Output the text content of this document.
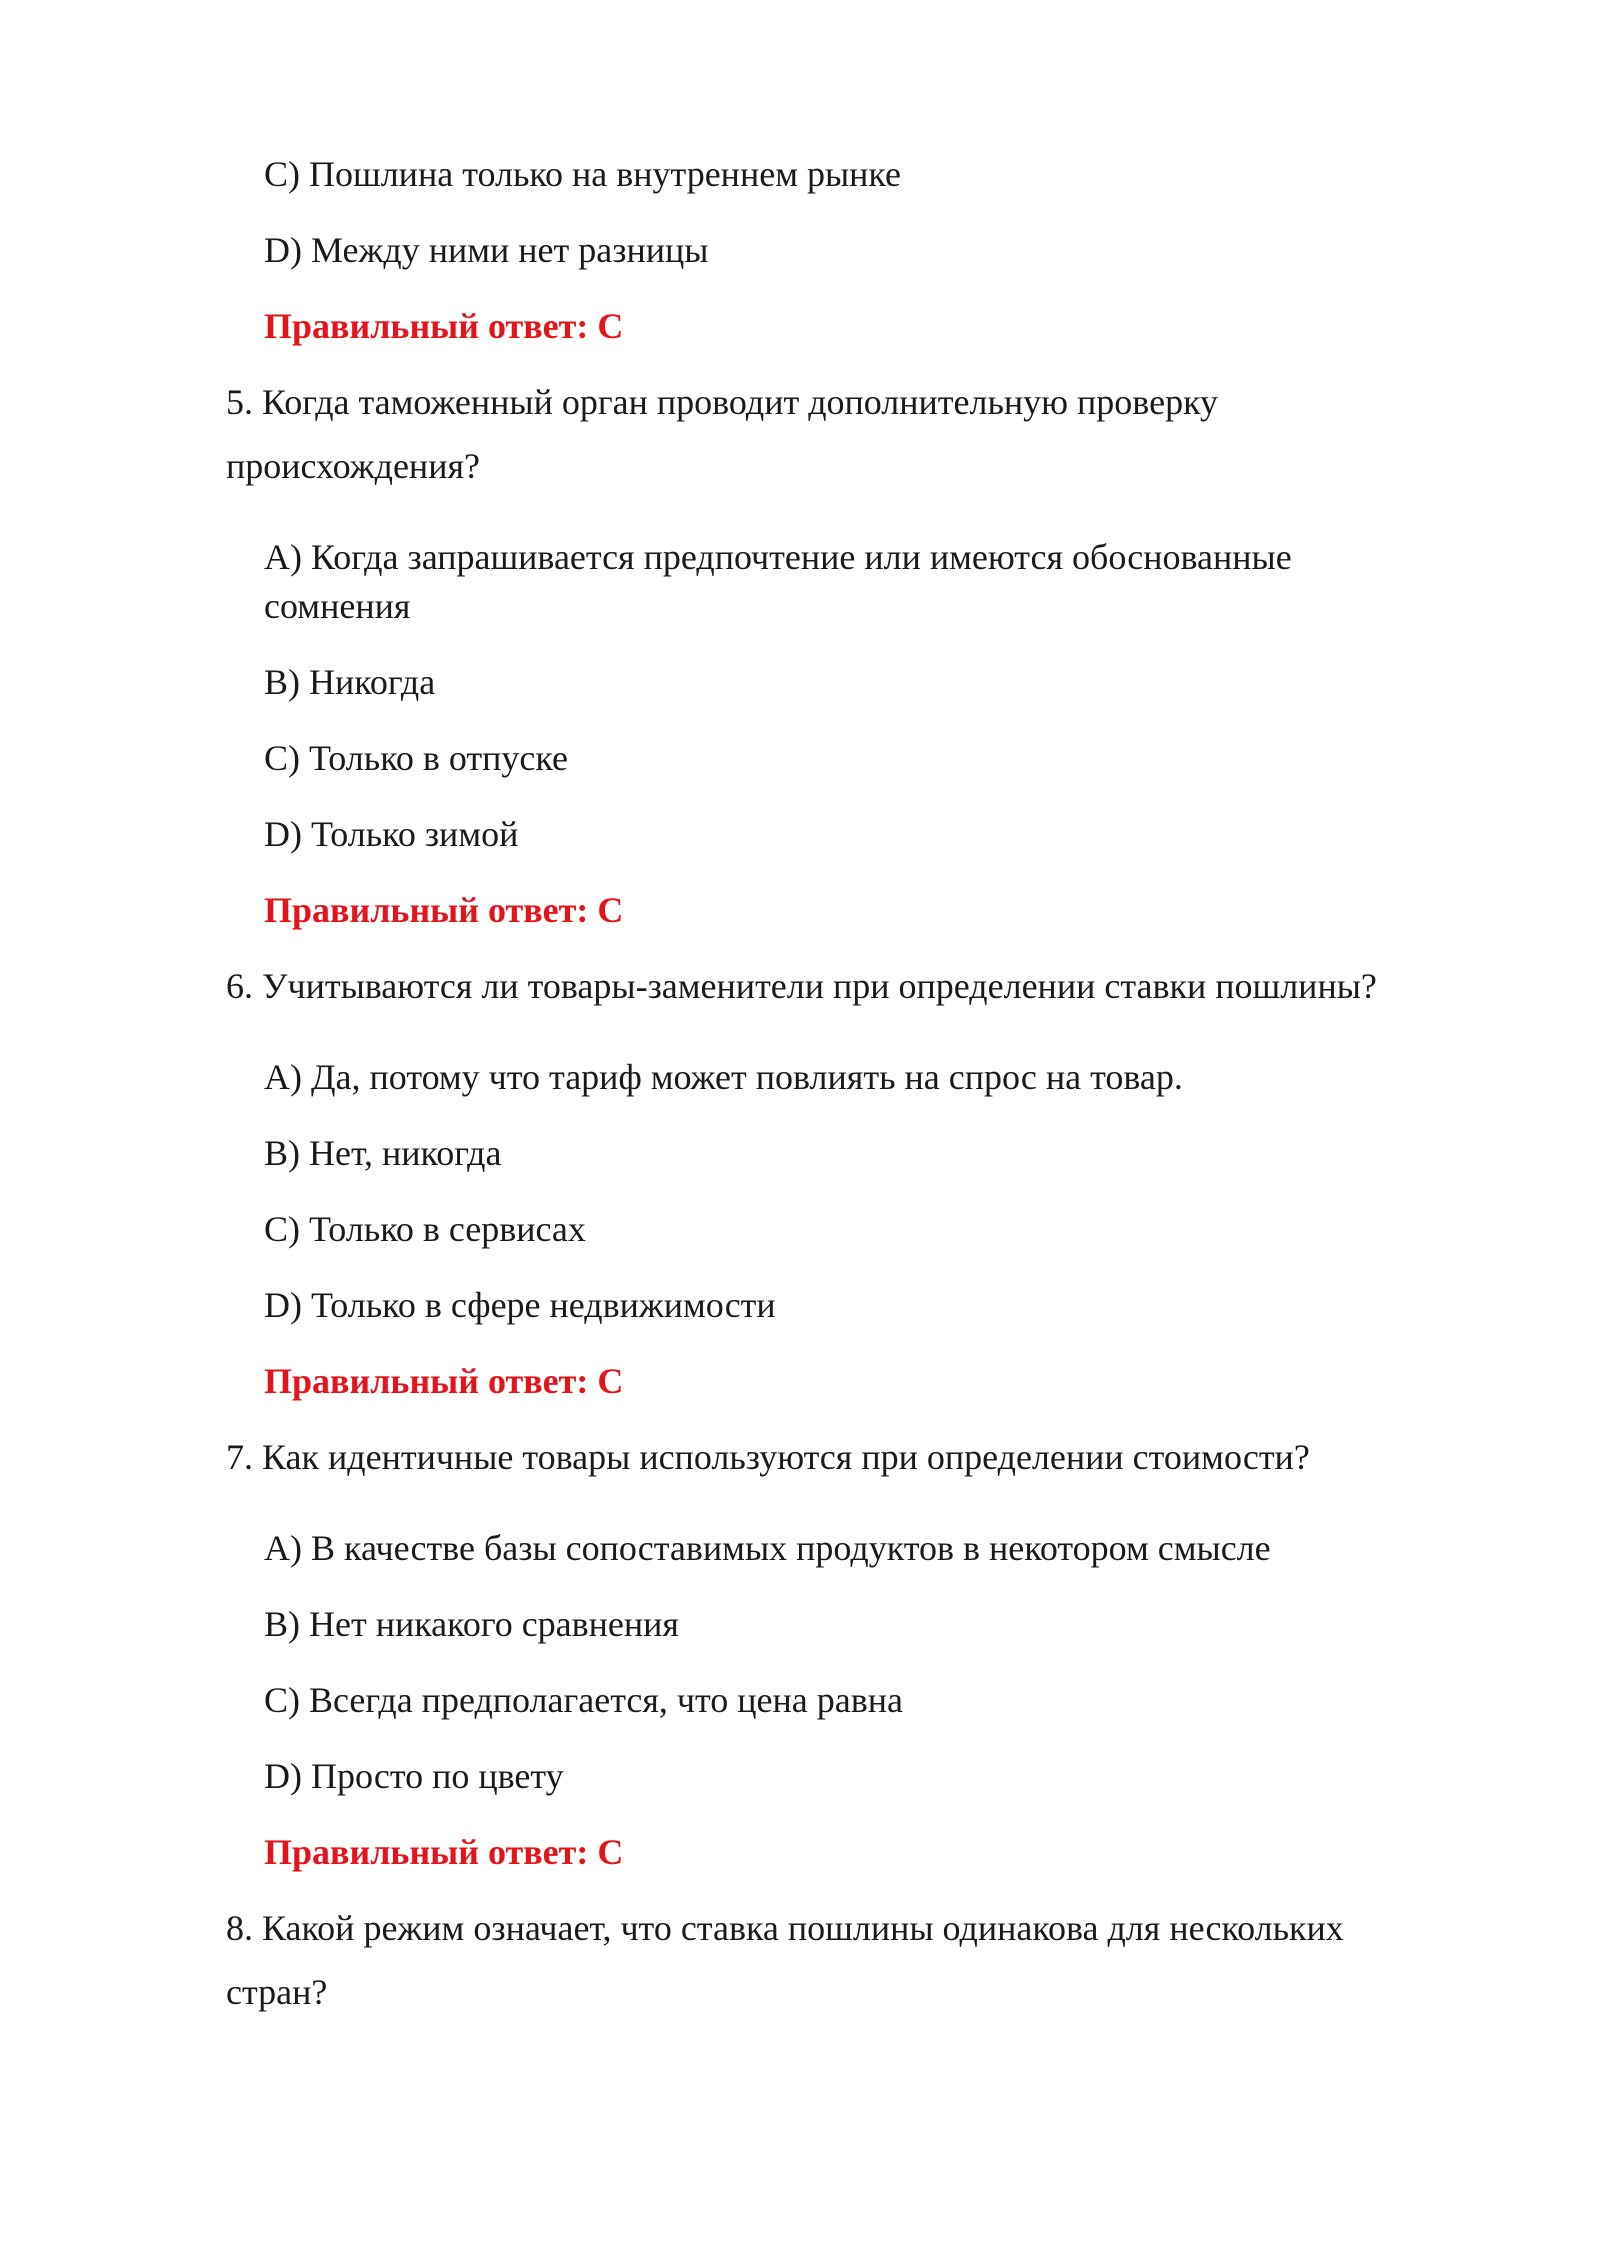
C) Пошлина только на внутреннем рынке
D) Между ними нет разницы
Правильный ответ: C
5. Когда таможенный орган проводит дополнительную проверку
происхождения?
A) Когда запрашивается предпочтение или имеются обоснованные
сомнения
B) Никогда
C) Только в отпуске
D) Только зимой
Правильный ответ: C
6. Учитываются ли товары-заменители при определении ставки пошлины?
A) Да, потому что тариф может повлиять на спрос на товар.
B) Нет, никогда
C) Только в сервисах
D) Только в сфере недвижимости
Правильный ответ: C
7. Как идентичные товары используются при определении стоимости?
A) В качестве базы сопоставимых продуктов в некотором смысле
B) Нет никакого сравнения
C) Всегда предполагается, что цена равна
D) Просто по цвету
Правильный ответ: C
8. Какой режим означает, что ставка пошлины одинакова для нескольких
стран?
